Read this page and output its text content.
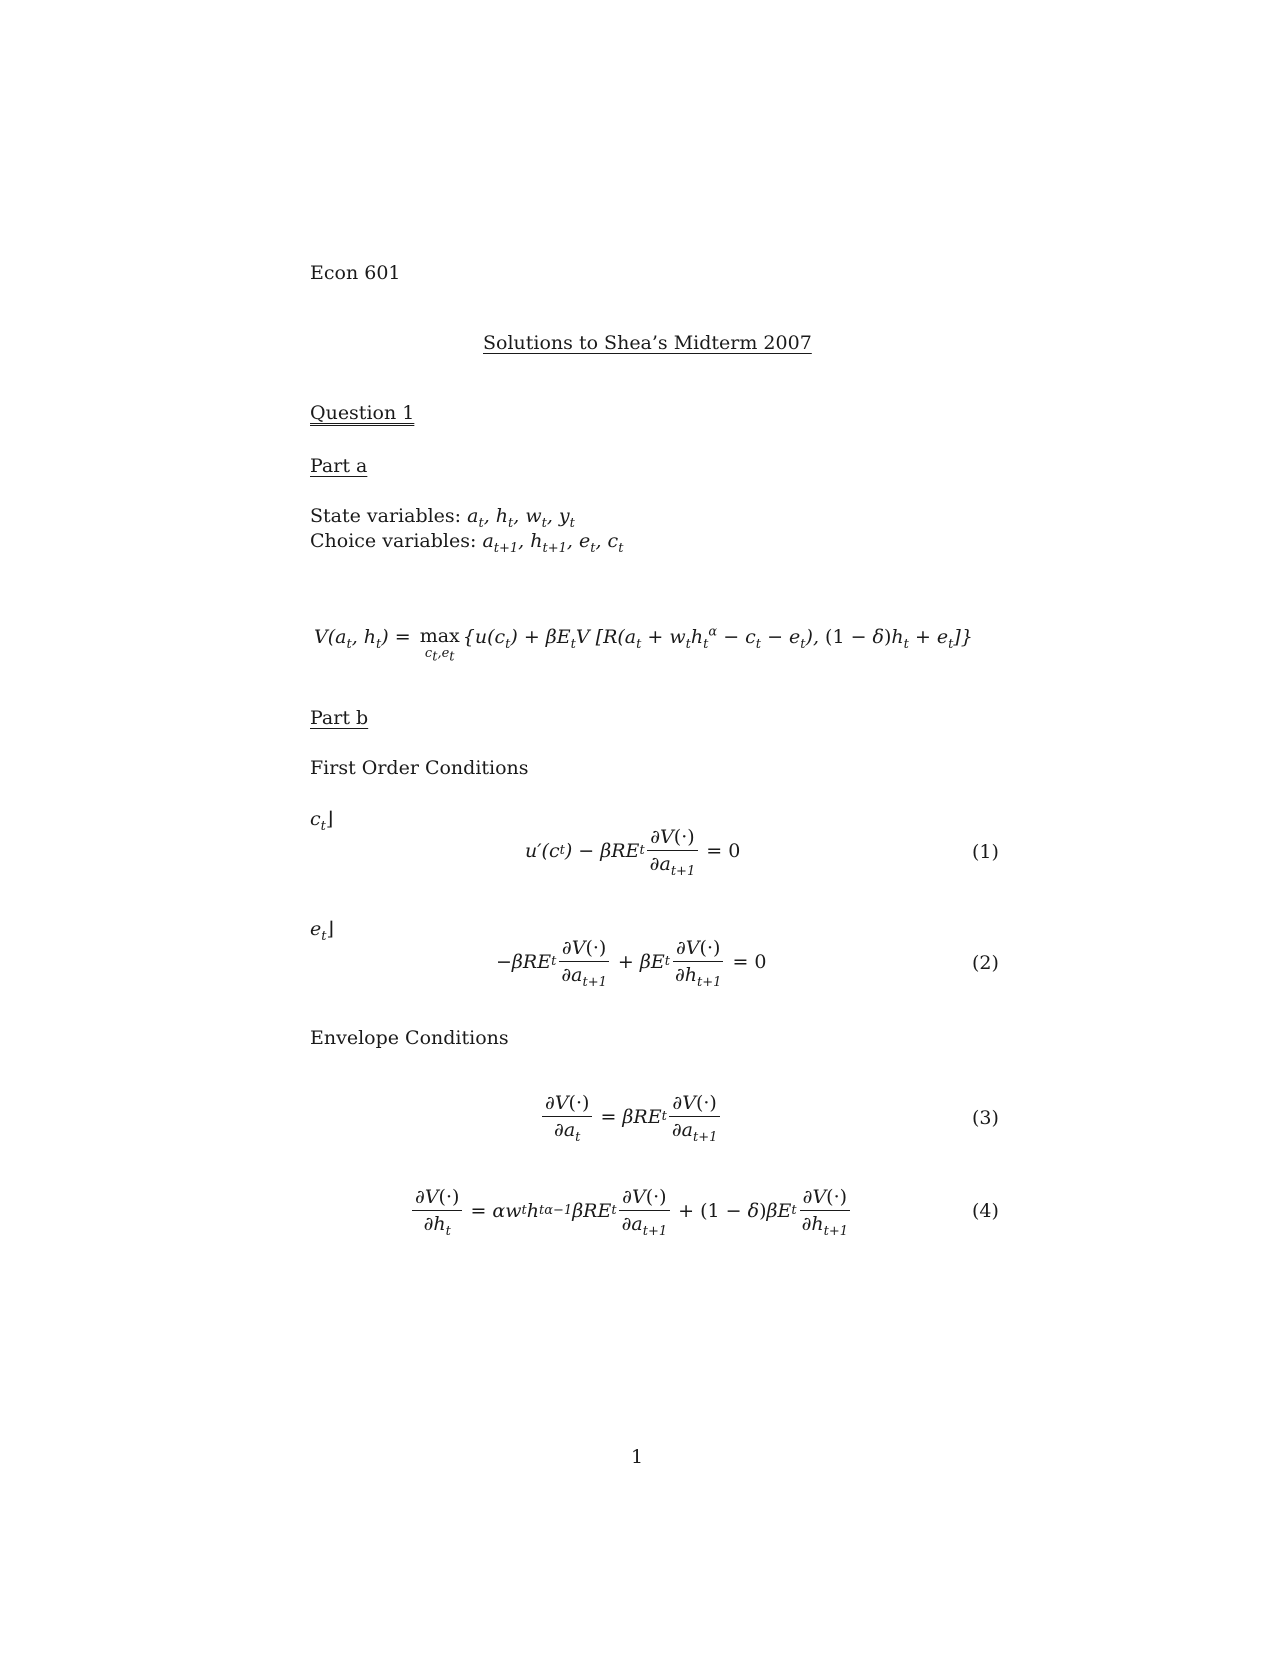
Econ 601
Solutions to Shea’s Midterm 2007
Question 1
Part a
State variables: $a_t$, $h_t$, $w_t$, $y_t$
Choice variables: $a_{t+1}$, $h_{t+1}$, $e_t$, $c_t$
$V(a_t$, $h_t) = \max$
$c_t,e_t$
{$u(c_t) + \beta E_tV$ [$R(a_t + w_th_t^\alpha - c_t - e_t)$, $(1 - \delta)h_t + e_t$]}
Part b
First Order Conditions
$c_t⌋$
u′(c t ) − βRE t $\frac{\partial V(\cdot)}{\partial a_{t+1}} = 0$	(1)
$e_t⌋$
− βRE t $\frac{\partial V(\cdot)}{\partial a_{t+1}} + \beta E$ t $\frac{\partial V(\cdot)}{\partial h_{t+1}} = 0$	(2)
Envelope Conditions
$\frac{\partial V(\cdot)}{\partial a_t} = \beta RE$ t $\frac{\partial V(\cdot)}{\partial a_{t+1}}$	(3)
$\frac{\partial V(\cdot)}{\partial h_t} = \alpha w$ t h t α−1 βRE t $\frac{\partial V(\cdot)}{\partial a_{t+1}} + (1 - \delta$ ) βE t $\frac{\partial V(\cdot)}{\partial h_{t+1}}$	(4)
1
